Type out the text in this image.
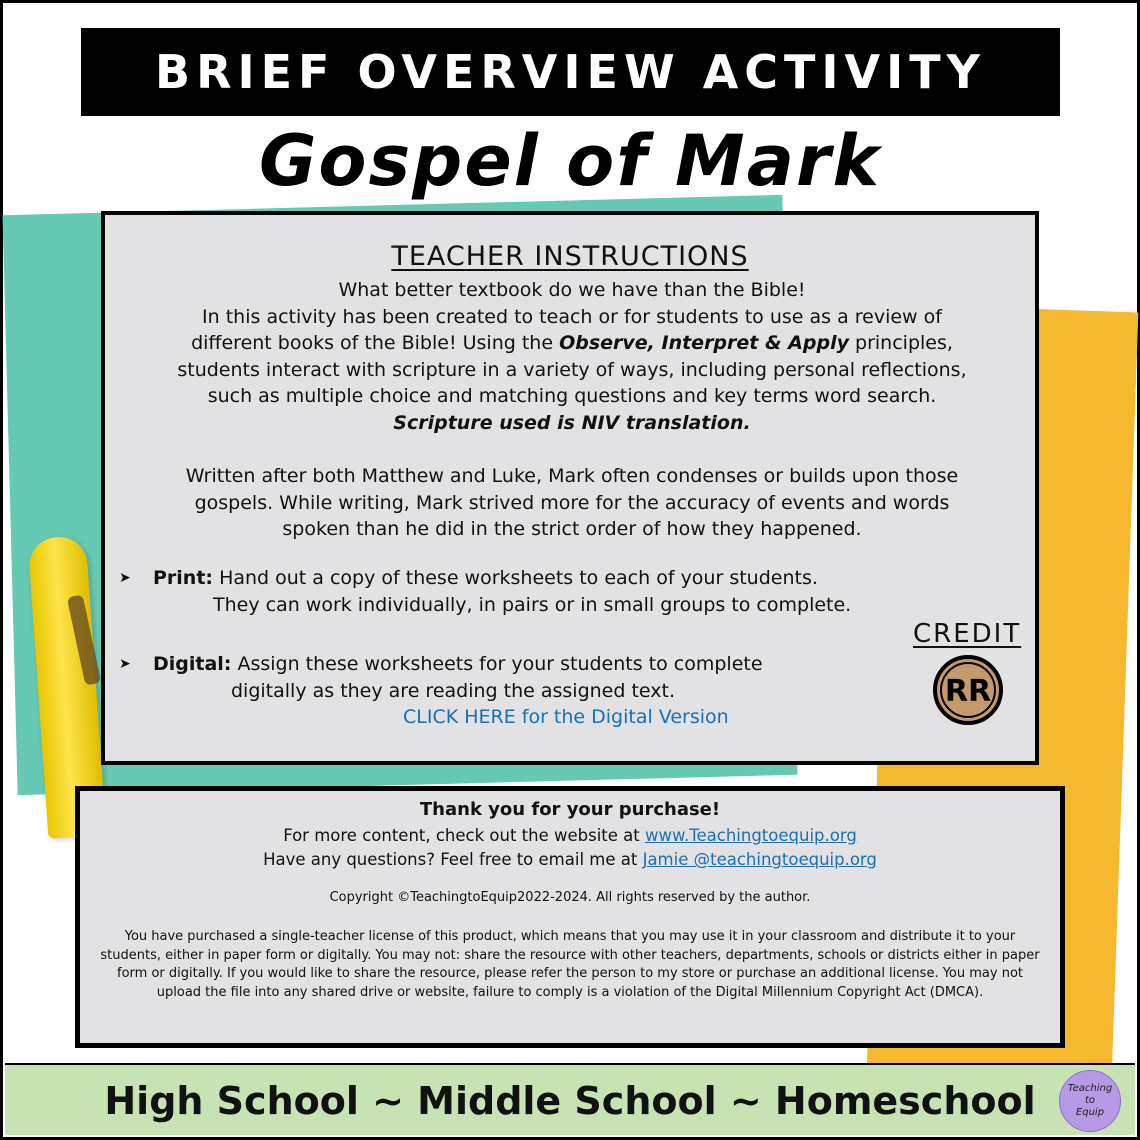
BRIEF OVERVIEW ACTIVITY
Gospel of Mark
TEACHER INSTRUCTIONS

What better textbook do we have than the Bible!

In this activity has been created to teach or for students to use as a review of

different books of the Bible! Using the Observe, Interpret & Apply principles,

students interact with scripture in a variety of ways, including personal reflections,

such as multiple choice and matching questions and key terms word search.

Scripture used is NIV translation.

Written after both Matthew and Luke, Mark often condenses or builds upon those

gospels. While writing, Mark strived more for the accuracy of events and words

spoken than he did in the strict order of how they happened.

➤ Print: Hand out a copy of these worksheets to each of your students.
They can work individually, in pairs or in small groups to complete.
➤ Digital: Assign these worksheets for your students to complete
digitally as they are reading the assigned text.
CLICK HERE for the Digital Version
CREDIT
RR
Thank you for your purchase!
For more content, check out the website at www.Teachingtoequip.org
Have any questions? Feel free to email me at Jamie @teachingtoequip.org
Copyright ©TeachingtoEquip2022-2024. All rights reserved by the author.
You have purchased a single-teacher license of this product, which means that you may use it in your classroom and distribute it to your students, either in paper form or digitally. You may not: share the resource with other teachers, departments, schools or districts either in paper form or digitally. If you would like to share the resource, please refer the person to my store or purchase an additional license. You may not upload the file into any shared drive or website, failure to comply is a violation of the Digital Millennium Copyright Act (DMCA).
High School ~ Middle School ~ Homeschool	Teaching
to
Equip
